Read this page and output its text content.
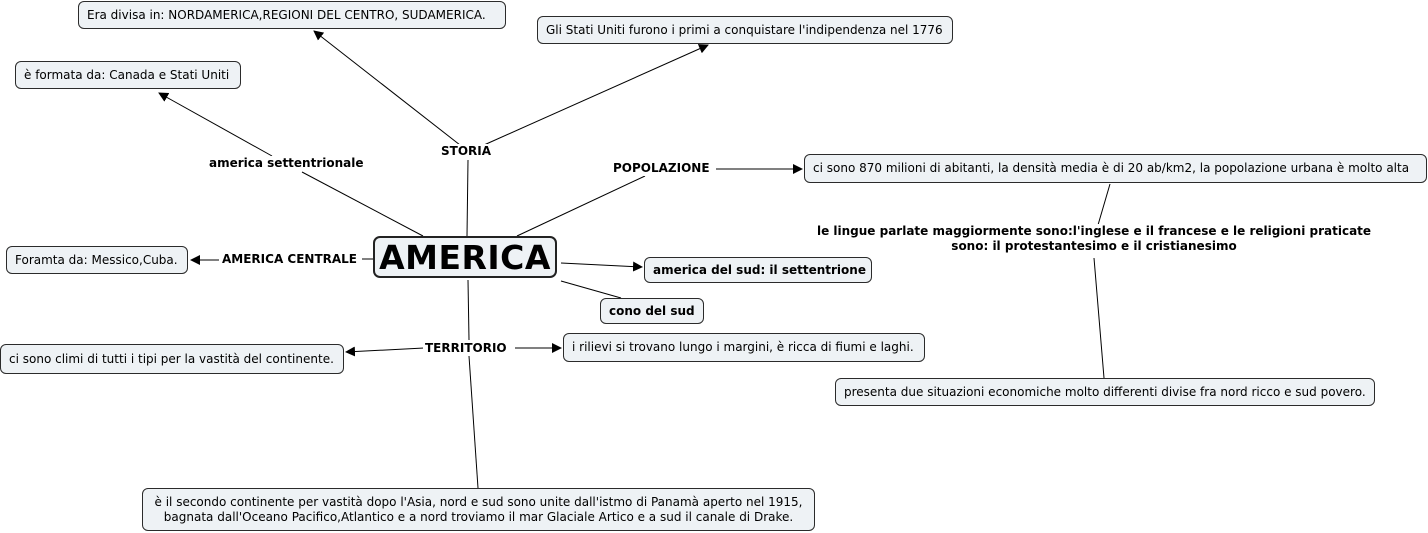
AMERICA
STORIA
america settentrionale	POPOLAZIONE
AMERICA CENTRALE
TERRITORIO
le lingue parlate maggiormente sono:l'inglese e il francese e le religioni praticate sono: il protestantesimo e il cristianesimo
Era divisa in: NORDAMERICA,REGIONI DEL CENTRO, SUDAMERICA.
Gli Stati Uniti furono i primi a conquistare l'indipendenza nel 1776
è formata da: Canada e Stati Uniti
ci sono 870 milioni di abitanti, la densità media è di 20 ab/km2, la popolazione urbana è molto alta
Foramta da: Messico,Cuba.
america del sud: il settentrione
cono del sud
ci sono climi di tutti i tipi per la vastità del continente.
i rilievi si trovano lungo i margini, è ricca di fiumi e laghi.
presenta due situazioni economiche molto differenti divise fra nord ricco e sud povero.
è il secondo continente per vastità dopo l'Asia, nord e sud sono unite dall'istmo di Panamà aperto nel 1915,
bagnata dall'Oceano Pacifico,Atlantico e a nord troviamo il mar Glaciale Artico e a sud il canale di Drake.
